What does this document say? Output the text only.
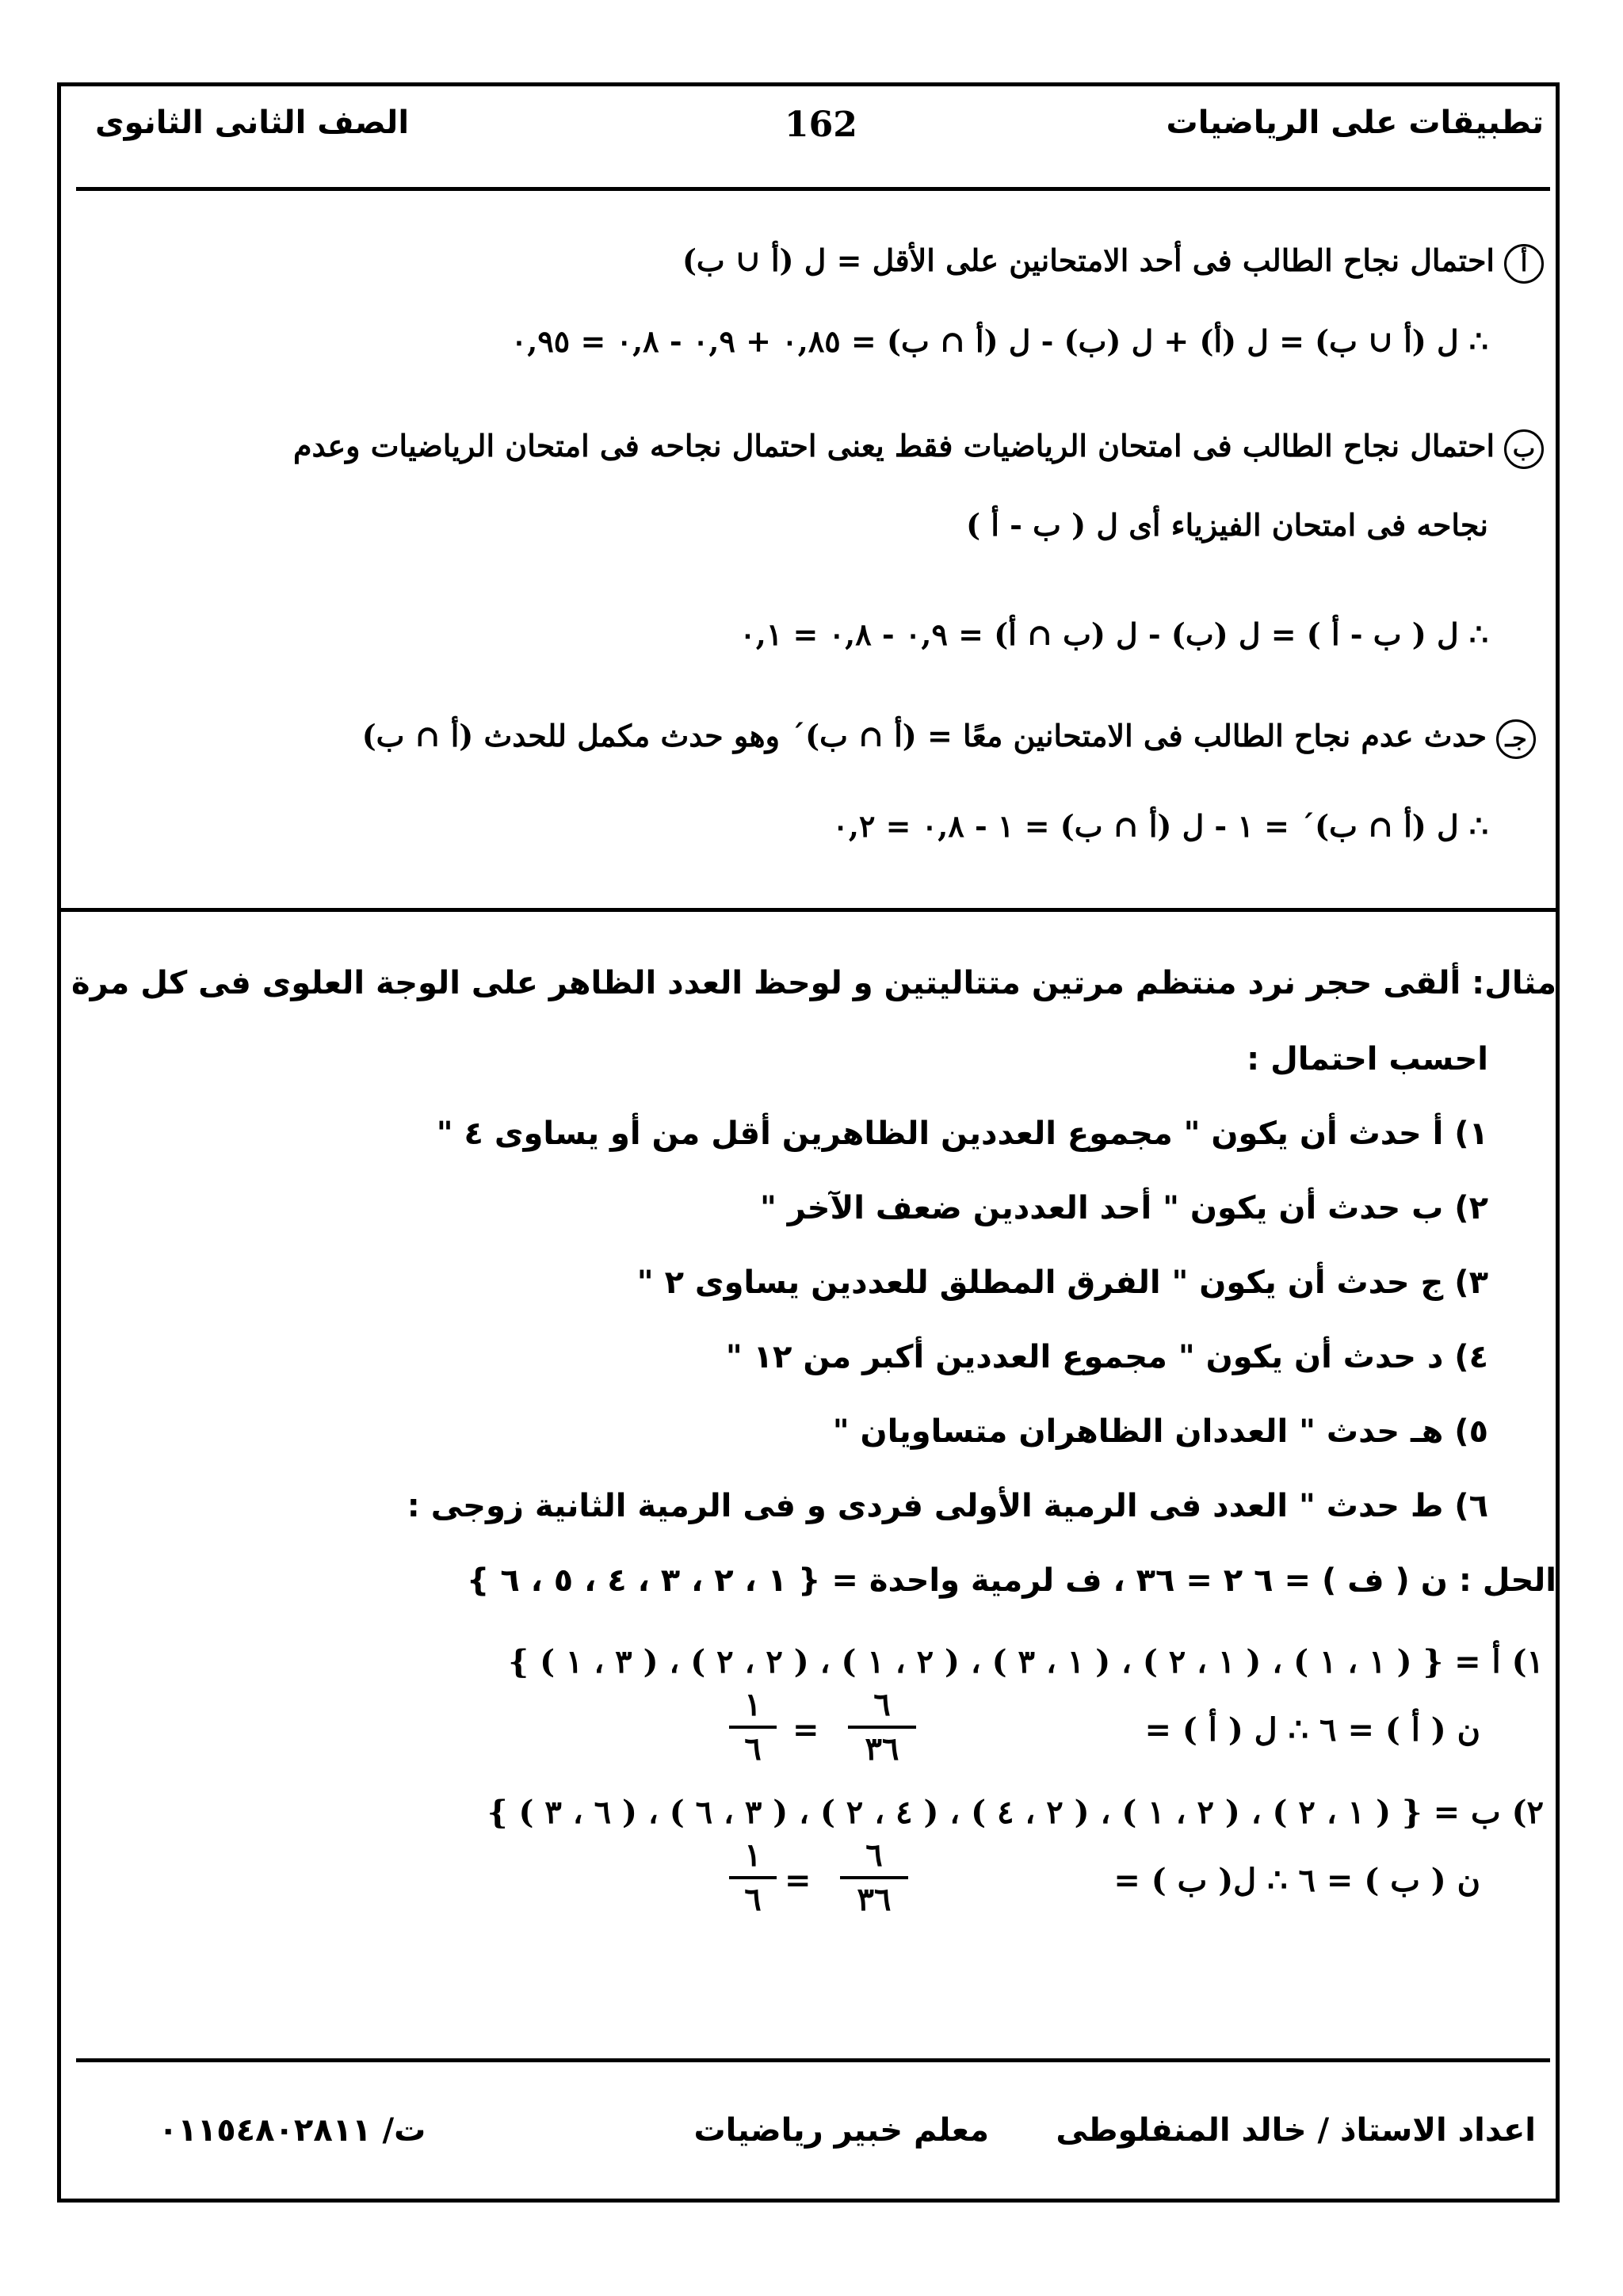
تطبيقات على الرياضيات
162
الصف الثانى الثانوى
أاحتمال نجاح الطالب فى أحد الامتحانين على الأقل = ل (أ ∪ ب)
∴ ل (أ ∪ ب) = ل (أ) + ل (ب) - ل (أ ∩ ب) = ٠,٨٥ + ٠,٩ - ٠,٨ = ٠,٩٥
باحتمال نجاح الطالب فى امتحان الرياضيات فقط يعنى احتمال نجاحه فى امتحان الرياضيات وعدم
نجاحه فى امتحان الفيزياء أى ل ( ب - أ )
∴ ل ( ب - أ ) = ل (ب) - ل (ب ∩ أ) = ٠,٩ - ٠,٨ = ٠,١
جـحدث عدم نجاح الطالب فى الامتحانين معًا = (أ ∩ ب)´ وهو حدث مكمل للحدث (أ ∩ ب)
∴ ل (أ ∩ ب)´ = ١ - ل (أ ∩ ب) = ١ - ٠,٨ = ٠,٢
مثال: ألقى حجر نرد منتظم مرتين متتاليتين و لوحظ العدد الظاهر على الوجة العلوى فى كل مرة
احسب احتمال :
١) أ حدث أن يكون " مجموع العددين الظاهرين أقل من أو يساوى ٤ "
٢) ب حدث أن يكون " أحد العددين ضعف الآخر "
٣) ج حدث أن يكون " الفرق المطلق للعددين يساوى ٢ "
٤) د حدث أن يكون " مجموع العددين أكبر من ١٢ "
٥) هـ حدث " العددان الظاهران متساويان "
٦) ط حدث " العدد فى الرمية الأولى فردى و فى الرمية الثانية زوجى :
الحل : ن ( ف ) = ٦ ٢ = ٣٦ ، ف لرمية واحدة = { ١ ، ٢ ، ٣ ، ٤ ، ٥ ، ٦ }
١) أ = { ( ١ ، ١ ) ، ( ١ ، ٢ ) ، ( ١ ، ٣ ) ، ( ٢ ، ١ ) ، ( ٢ ، ٢ ) ، ( ٣ ، ١ ) }
ن ( أ ) = ٦ ∴ ل ( أ ) =
٦
٣٦
=
١
٦
٢) ب = { ( ١ ، ٢ ) ، ( ٢ ، ١ ) ، ( ٢ ، ٤ ) ، ( ٤ ، ٢ ) ، ( ٣ ، ٦ ) ، ( ٦ ، ٣ ) }
ن ( ب ) = ٦ ∴ ل( ب ) =
٦
٣٦
=
١
٦
اعداد الاستاذ / خالد المنفلوطى
معلم خبير رياضيات
ت/ ٠١١٥٤٨٠٢٨١١
